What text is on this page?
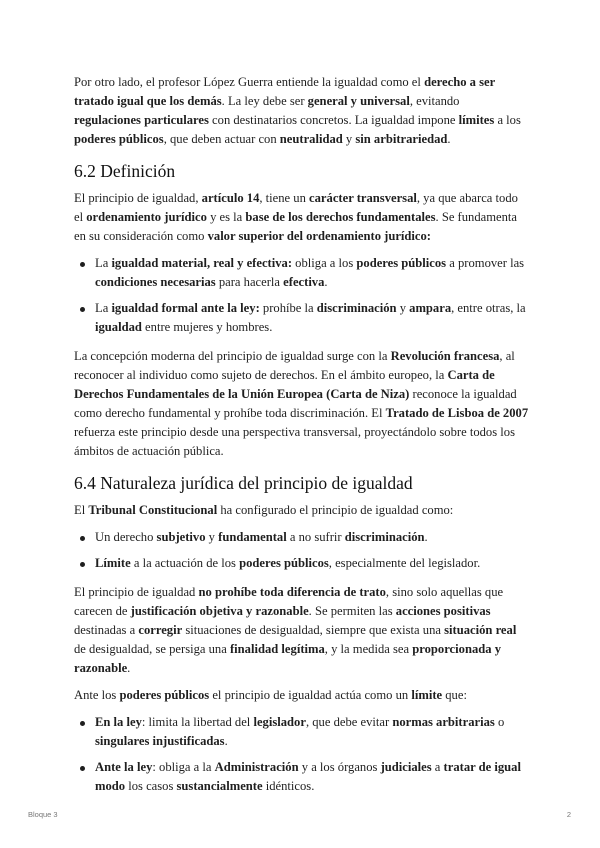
Por otro lado, el profesor López Guerra entiende la igualdad como el derecho a ser tratado igual que los demás. La ley debe ser general y universal, evitando regulaciones particulares con destinatarios concretos. La igualdad impone límites a los poderes públicos, que deben actuar con neutralidad y sin arbitrariedad.

6.2 Definición

El principio de igualdad, artículo 14, tiene un carácter transversal, ya que abarca todo el ordenamiento jurídico y es la base de los derechos fundamentales. Se fundamenta en su consideración como valor superior del ordenamiento jurídico:

La igualdad material, real y efectiva: obliga a los poderes públicos a promover las condiciones necesarias para hacerla efectiva.
La igualdad formal ante la ley: prohíbe la discriminación y ampara, entre otras, la igualdad entre mujeres y hombres.

La concepción moderna del principio de igualdad surge con la Revolución francesa, al reconocer al individuo como sujeto de derechos. En el ámbito europeo, la Carta de Derechos Fundamentales de la Unión Europea (Carta de Niza) reconoce la igualdad como derecho fundamental y prohíbe toda discriminación. El Tratado de Lisboa de 2007 refuerza este principio desde una perspectiva transversal, proyectándolo sobre todos los ámbitos de actuación pública.

6.4 Naturaleza jurídica del principio de igualdad

El Tribunal Constitucional ha configurado el principio de igualdad como:

Un derecho subjetivo y fundamental a no sufrir discriminación.
Límite a la actuación de los poderes públicos, especialmente del legislador.

El principio de igualdad no prohíbe toda diferencia de trato, sino solo aquellas que carecen de justificación objetiva y razonable. Se permiten las acciones positivas destinadas a corregir situaciones de desigualdad, siempre que exista una situación real de desigualdad, se persiga una finalidad legítima, y la medida sea proporcionada y razonable.

Ante los poderes públicos el principio de igualdad actúa como un límite que:

En la ley: limita la libertad del legislador, que debe evitar normas arbitrarias o singulares injustificadas.
Ante la ley: obliga a la Administración y a los órganos judiciales a tratar de igual modo los casos sustancialmente idénticos.
Bloque 3	2
